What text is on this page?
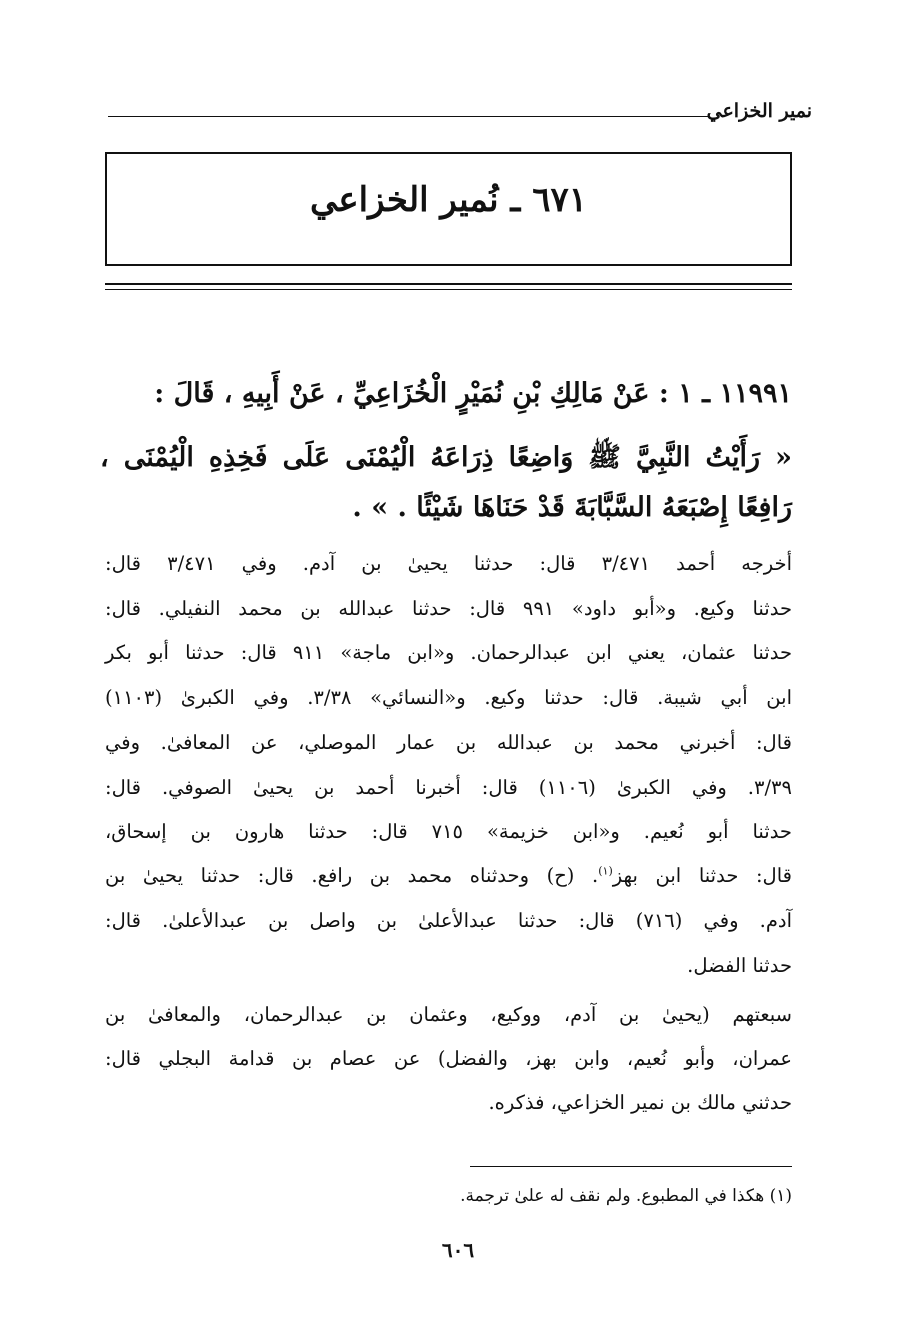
نمير الخزاعي
٦٧١ ـ نُمير الخزاعي
١١٩٩١ ـ ١ : عَنْ مَالِكِ بْنِ نُمَيْرٍ الْخُزَاعِيِّ ، عَنْ أَبِيهِ ، قَالَ :
« رَأَيْتُ النَّبِيَّ ﷺ وَاضِعًا ذِرَاعَهُ الْيُمْنَى عَلَى فَخِذِهِ الْيُمْنَى ،
رَافِعًا إِصْبَعَهُ السَّبَّابَةَ قَدْ حَنَاهَا شَيْئًا . » .
أخرجه أحمد ٣/٤٧١ قال: حدثنا يحيىٰ بن آدم. وفي ٣/٤٧١ قال:
حدثنا وكيع. و«أبو داود» ٩٩١ قال: حدثنا عبدالله بن محمد النفيلي. قال:
حدثنا عثمان، يعني ابن عبدالرحمان. و«ابن ماجة» ٩١١ قال: حدثنا أبو بكر
ابن أبي شيبة. قال: حدثنا وكيع. و«النسائي» ٣/٣٨. وفي الكبرىٰ (١١٠٣)
قال: أخبرني محمد بن عبدالله بن عمار الموصلي، عن المعافىٰ. وفي
٣/٣٩. وفي الكبرىٰ (١١٠٦) قال: أخبرنا أحمد بن يحيىٰ الصوفي. قال:
حدثنا أبو نُعيم. و«ابن خزيمة» ٧١٥ قال: حدثنا هارون بن إسحاق،
قال: حدثنا ابن بهز$^{(١)}$. (ح) وحدثناه محمد بن رافع. قال: حدثنا يحيىٰ بن
آدم. وفي (٧١٦) قال: حدثنا عبدالأعلىٰ بن واصل بن عبدالأعلىٰ. قال:
حدثنا الفضل.
سبعتهم (يحيىٰ بن آدم، ووكيع، وعثمان بن عبدالرحمان، والمعافىٰ بن
عمران، وأبو نُعيم، وابن بهز، والفضل) عن عصام بن قدامة البجلي قال:
حدثني مالك بن نمير الخزاعي، فذكره.
(١) هكذا في المطبوع. ولم نقف له علىٰ ترجمة.
٦٠٦
